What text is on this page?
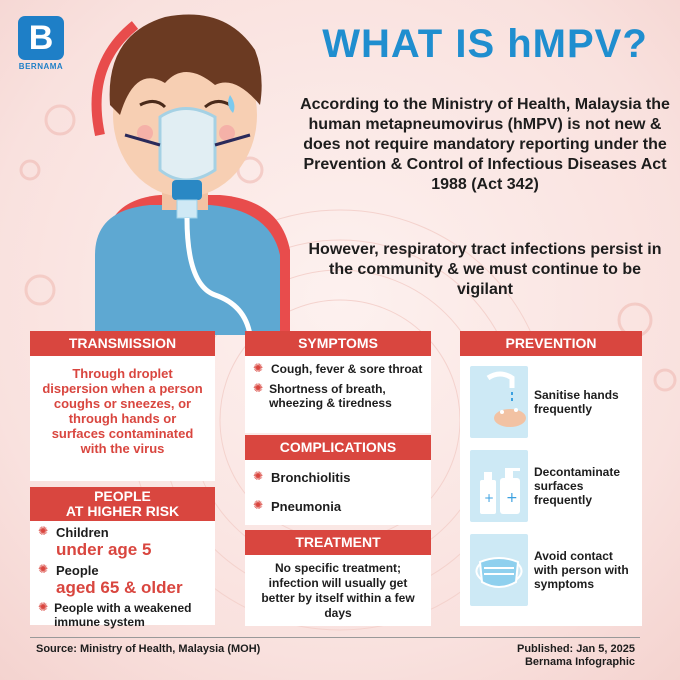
B
BERNAMA
WHAT IS hMPV?
According to the Ministry of Health, Malaysia the human metapneumovirus (hMPV) is not new & does not require mandatory reporting under the Prevention & Control of Infectious Diseases Act 1988 (Act 342)
However, respiratory tract infections persist in the community & we must continue to be vigilant
TRANSMISSION
Through droplet dispersion when a person coughs or sneezes, or through hands or surfaces contaminated with the virus
PEOPLE
AT HIGHER RISK
✺ Children
under age 5
✺ People
aged 65 & older
✺ People with a weakened immune system
SYMPTOMS
✺ Cough, fever & sore throat
✺ Shortness of breath, wheezing & tiredness
COMPLICATIONS
✺ Bronchiolitis
✺ Pneumonia
TREATMENT
No specific treatment; infection will usually get better by itself within a few days
PREVENTION
Sanitise hands frequently
+
+
Decontaminate surfaces frequently
Avoid contact with person with symptoms
Source: Ministry of Health, Malaysia (MOH)	Published: Jan 5, 2025
Bernama Infographic
